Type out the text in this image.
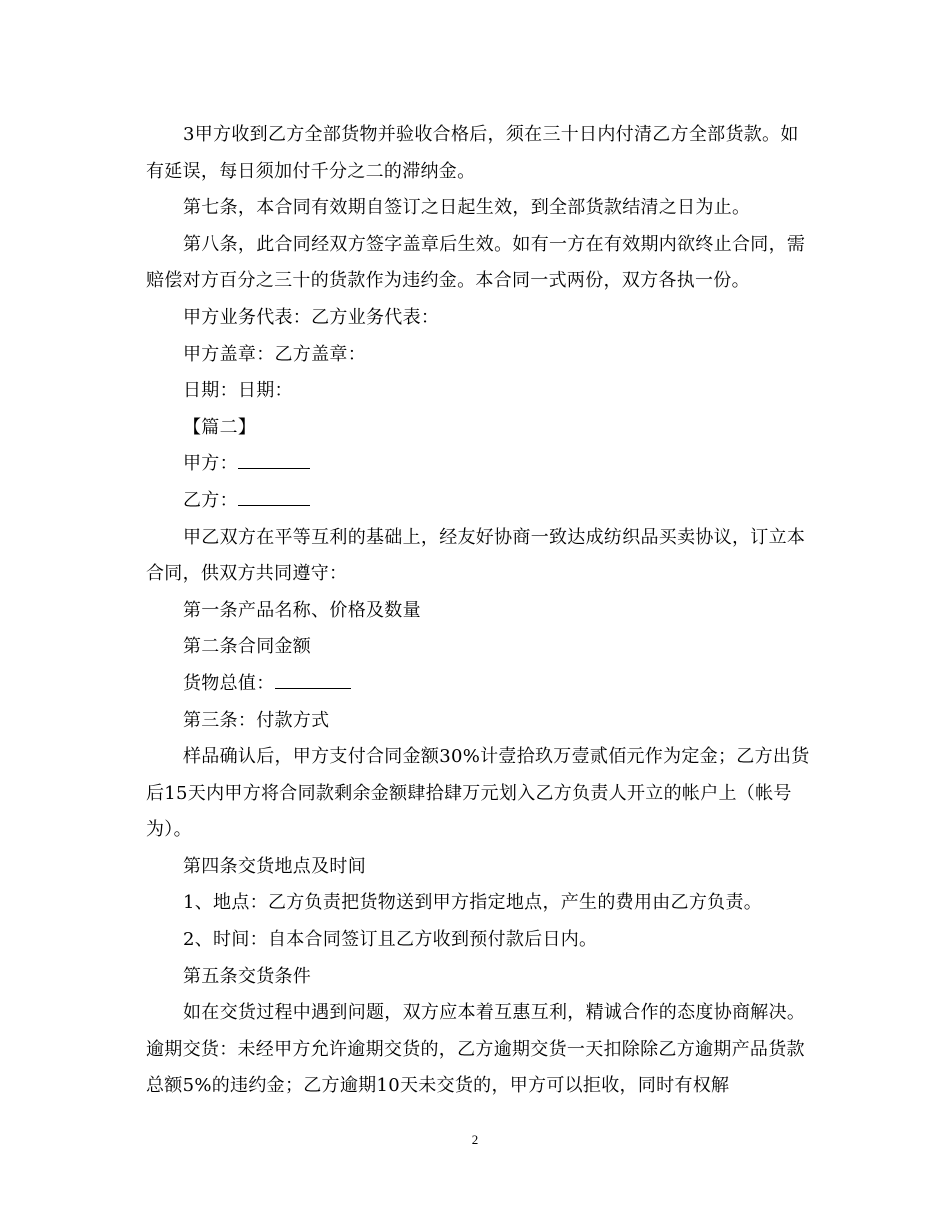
3甲方收到乙方全部货物并验收合格后，须在三十日内付清乙方全部货款。如有延误，每日须加付千分之二的滞纳金。

第七条，本合同有效期自签订之日起生效，到全部货款结清之日为止。

第八条，此合同经双方签字盖章后生效。如有一方在有效期内欲终止合同，需赔偿对方百分之三十的货款作为违约金。本合同一式两份，双方各执一份。

甲方业务代表：乙方业务代表：

甲方盖章：乙方盖章：

日期：日期：

【篇二】

甲方：

乙方：

甲乙双方在平等互利的基础上，经友好协商一致达成纺织品买卖协议，订立本合同，供双方共同遵守：

第一条产品名称、价格及数量

第二条合同金额

货物总值：

第三条：付款方式

样品确认后，甲方支付合同金额30%计壹拾玖万壹贰佰元作为定金；乙方出货后15天内甲方将合同款剩余金额肆拾肆万元划入乙方负责人开立的帐户上（帐号为）。

第四条交货地点及时间

1、地点：乙方负责把货物送到甲方指定地点，产生的费用由乙方负责。

2、时间：自本合同签订且乙方收到预付款后日内。

第五条交货条件

如在交货过程中遇到问题，双方应本着互惠互利，精诚合作的态度协商解决。逾期交货：未经甲方允许逾期交货的，乙方逾期交货一天扣除除乙方逾期产品货款总额5%的违约金；乙方逾期10天未交货的，甲方可以拒收，同时有权解

2
